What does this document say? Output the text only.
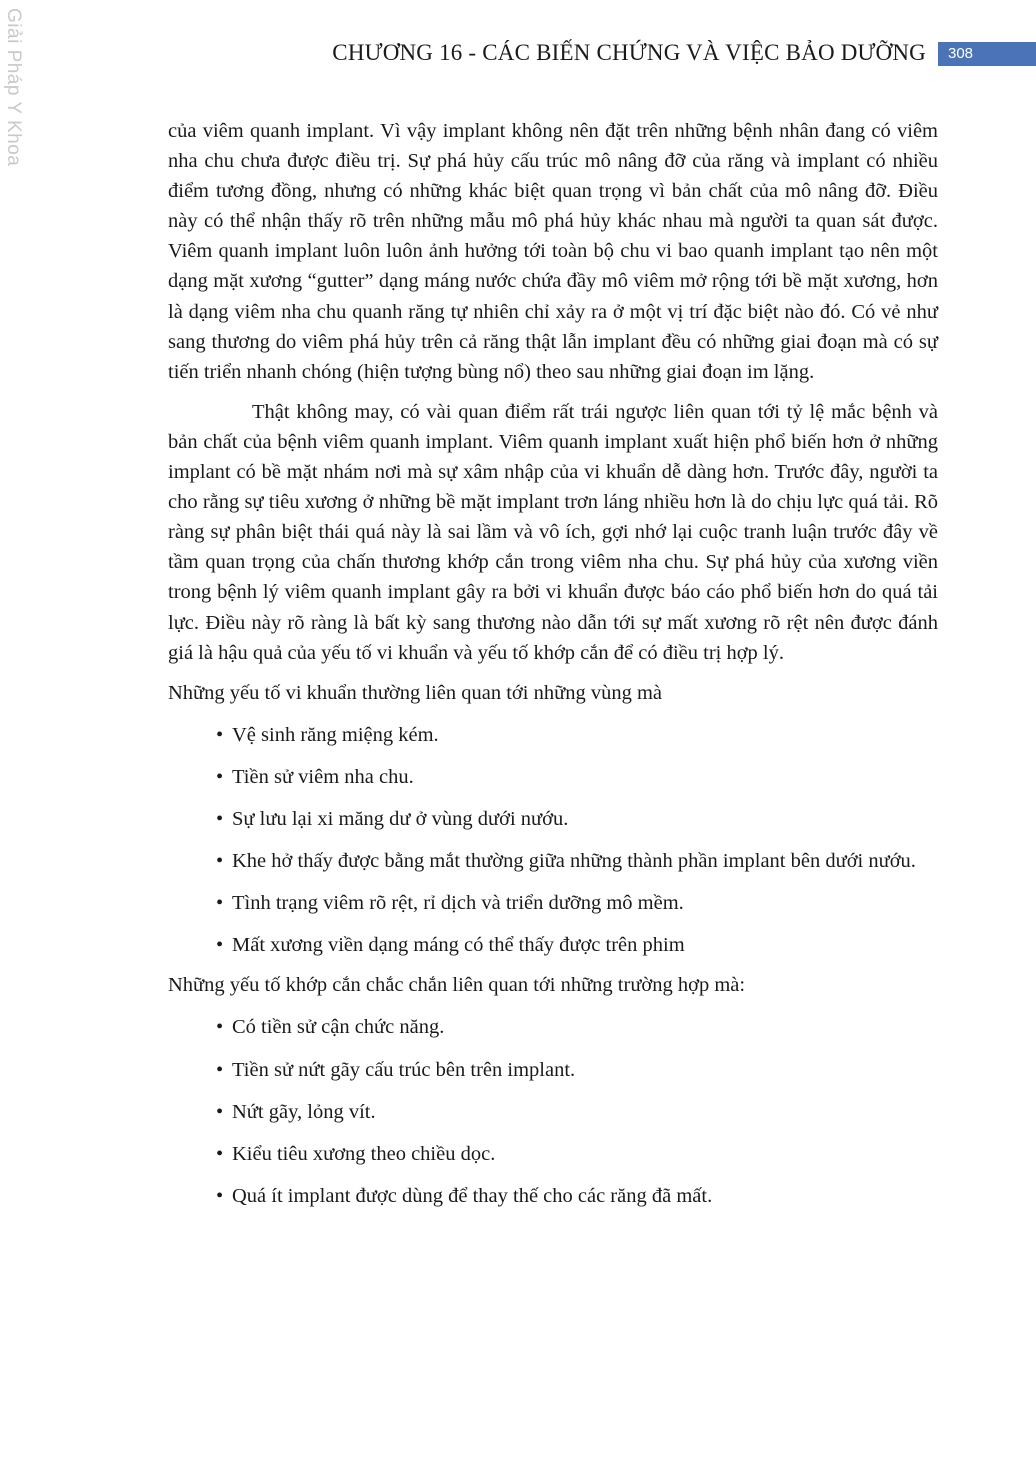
Giải Pháp Y Khoa	CHƯƠNG 16 - CÁC BIẾN CHỨNG VÀ VIỆC BẢO DƯỠNG	308

của viêm quanh implant. Vì vậy implant không nên đặt trên những bệnh nhân đang có viêm nha chu chưa được điều trị. Sự phá hủy cấu trúc mô nâng đỡ của răng và implant có nhiều điểm tương đồng, nhưng có những khác biệt quan trọng vì bản chất của mô nâng đỡ. Điều này có thể nhận thấy rõ trên những mẫu mô phá hủy khác nhau mà người ta quan sát được. Viêm quanh implant luôn luôn ảnh hưởng tới toàn bộ chu vi bao quanh implant tạo nên một dạng mặt xương “gutter” dạng máng nước chứa đầy mô viêm mở rộng tới bề mặt xương, hơn là dạng viêm nha chu quanh răng tự nhiên chỉ xảy ra ở một vị trí đặc biệt nào đó. Có vẻ như sang thương do viêm phá hủy trên cả răng thật lẫn implant đều có những giai đoạn mà có sự tiến triển nhanh chóng (hiện tượng bùng nổ) theo sau những giai đoạn im lặng.

Thật không may, có vài quan điểm rất trái ngược liên quan tới tỷ lệ mắc bệnh và bản chất của bệnh viêm quanh implant. Viêm quanh implant xuất hiện phổ biến hơn ở những implant có bề mặt nhám nơi mà sự xâm nhập của vi khuẩn dễ dàng hơn. Trước đây, người ta cho rằng sự tiêu xương ở những bề mặt implant trơn láng nhiều hơn là do chịu lực quá tải. Rõ ràng sự phân biệt thái quá này là sai lầm và vô ích, gợi nhớ lại cuộc tranh luận trước đây về tầm quan trọng của chấn thương khớp cắn trong viêm nha chu. Sự phá hủy của xương viền trong bệnh lý viêm quanh implant gây ra bởi vi khuẩn được báo cáo phổ biến hơn do quá tải lực. Điều này rõ ràng là bất kỳ sang thương nào dẫn tới sự mất xương rõ rệt nên được đánh giá là hậu quả của yếu tố vi khuẩn và yếu tố khớp cắn để có điều trị hợp lý.

Những yếu tố vi khuẩn thường liên quan tới những vùng mà

• Vệ sinh răng miệng kém.
• Tiền sử viêm nha chu.
• Sự lưu lại xi măng dư ở vùng dưới nướu.
• Khe hở thấy được bằng mắt thường giữa những thành phần implant bên dưới nướu.
• Tình trạng viêm rõ rệt, rỉ dịch và triển dưỡng mô mềm.
• Mất xương viền dạng máng có thể thấy được trên phim

Những yếu tố khớp cắn chắc chắn liên quan tới những trường hợp mà:

• Có tiền sử cận chức năng.
• Tiền sử nứt gãy cấu trúc bên trên implant.
• Nứt gãy, lỏng vít.
• Kiểu tiêu xương theo chiều dọc.
• Quá ít implant được dùng để thay thế cho các răng đã mất.
